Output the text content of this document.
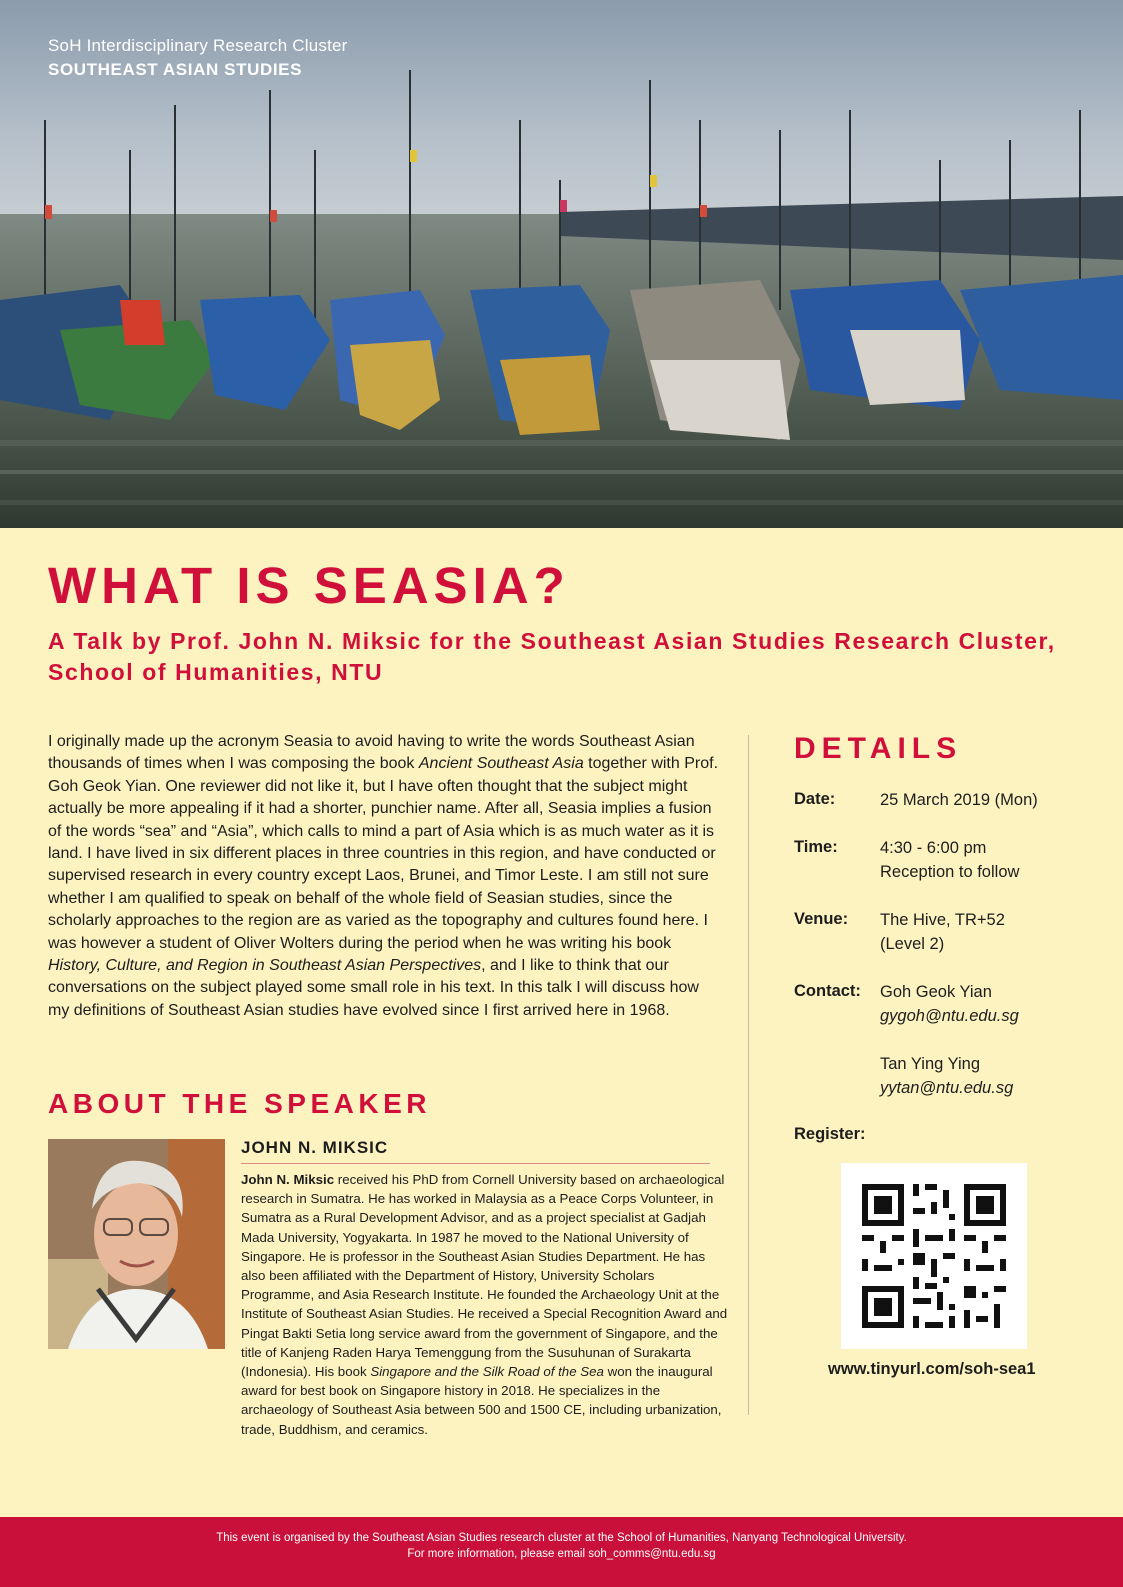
SoH Interdisciplinary Research Cluster
SOUTHEAST ASIAN STUDIES
WHAT IS SEASIA?
A Talk by Prof. John N. Miksic for the Southeast Asian Studies Research Cluster, School of Humanities, NTU

I originally made up the acronym Seasia to avoid having to write the words Southeast Asian thousands of times when I was composing the book Ancient Southeast Asia together with Prof. Goh Geok Yian. One reviewer did not like it, but I have often thought that the subject might actually be more appealing if it had a shorter, punchier name. After all, Seasia implies a fusion of the words “sea” and “Asia”, which calls to mind a part of Asia which is as much water as it is land. I have lived in six different places in three countries in this region, and have conducted or supervised research in every country except Laos, Brunei, and Timor Leste. I am still not sure whether I am qualified to speak on behalf of the whole field of Seasian studies, since the scholarly approaches to the region are as varied as the topography and cultures found here. I was however a student of Oliver Wolters during the period when he was writing his book History, Culture, and Region in Southeast Asian Perspectives, and I like to think that our conversations on the subject played some small role in his text. In this talk I will discuss how my definitions of Southeast Asian studies have evolved since I first arrived here in 1968.

ABOUT THE SPEAKER
JOHN N. MIKSIC

John N. Miksic received his PhD from Cornell University based on archaeological research in Sumatra. He has worked in Malaysia as a Peace Corps Volunteer, in Sumatra as a Rural Development Advisor, and as a project specialist at Gadjah Mada University, Yogyakarta. In 1987 he moved to the National University of Singapore. He is professor in the Southeast Asian Studies Department. He has also been affiliated with the Department of History, University Scholars Programme, and Asia Research Institute. He founded the Archaeology Unit at the Institute of Southeast Asian Studies. He received a Special Recognition Award and Pingat Bakti Setia long service award from the government of Singapore, and the title of Kanjeng Raden Harya Temenggung from the Susuhunan of Surakarta (Indonesia). His book Singapore and the Silk Road of the Sea won the inaugural award for best book on Singapore history in 2018. He specializes in the archaeology of Southeast Asia between 500 and 1500 CE, including urbanization, trade, Buddhism, and ceramics.

DETAILS
Date:	25 March 2019 (Mon)
Time:	4:30 - 6:00 pm
Reception to follow
Venue: The Hive, TR+52
(Level 2)
Contact: Goh Geok Yian
gygoh@ntu.edu.sg
Tan Ying Ying
yytan@ntu.edu.sg
Register:
www.tinyurl.com/soh-sea1
This event is organised by the Southeast Asian Studies research cluster at the School of Humanities, Nanyang Technological University.
For more information, please email soh_comms@ntu.edu.sg
